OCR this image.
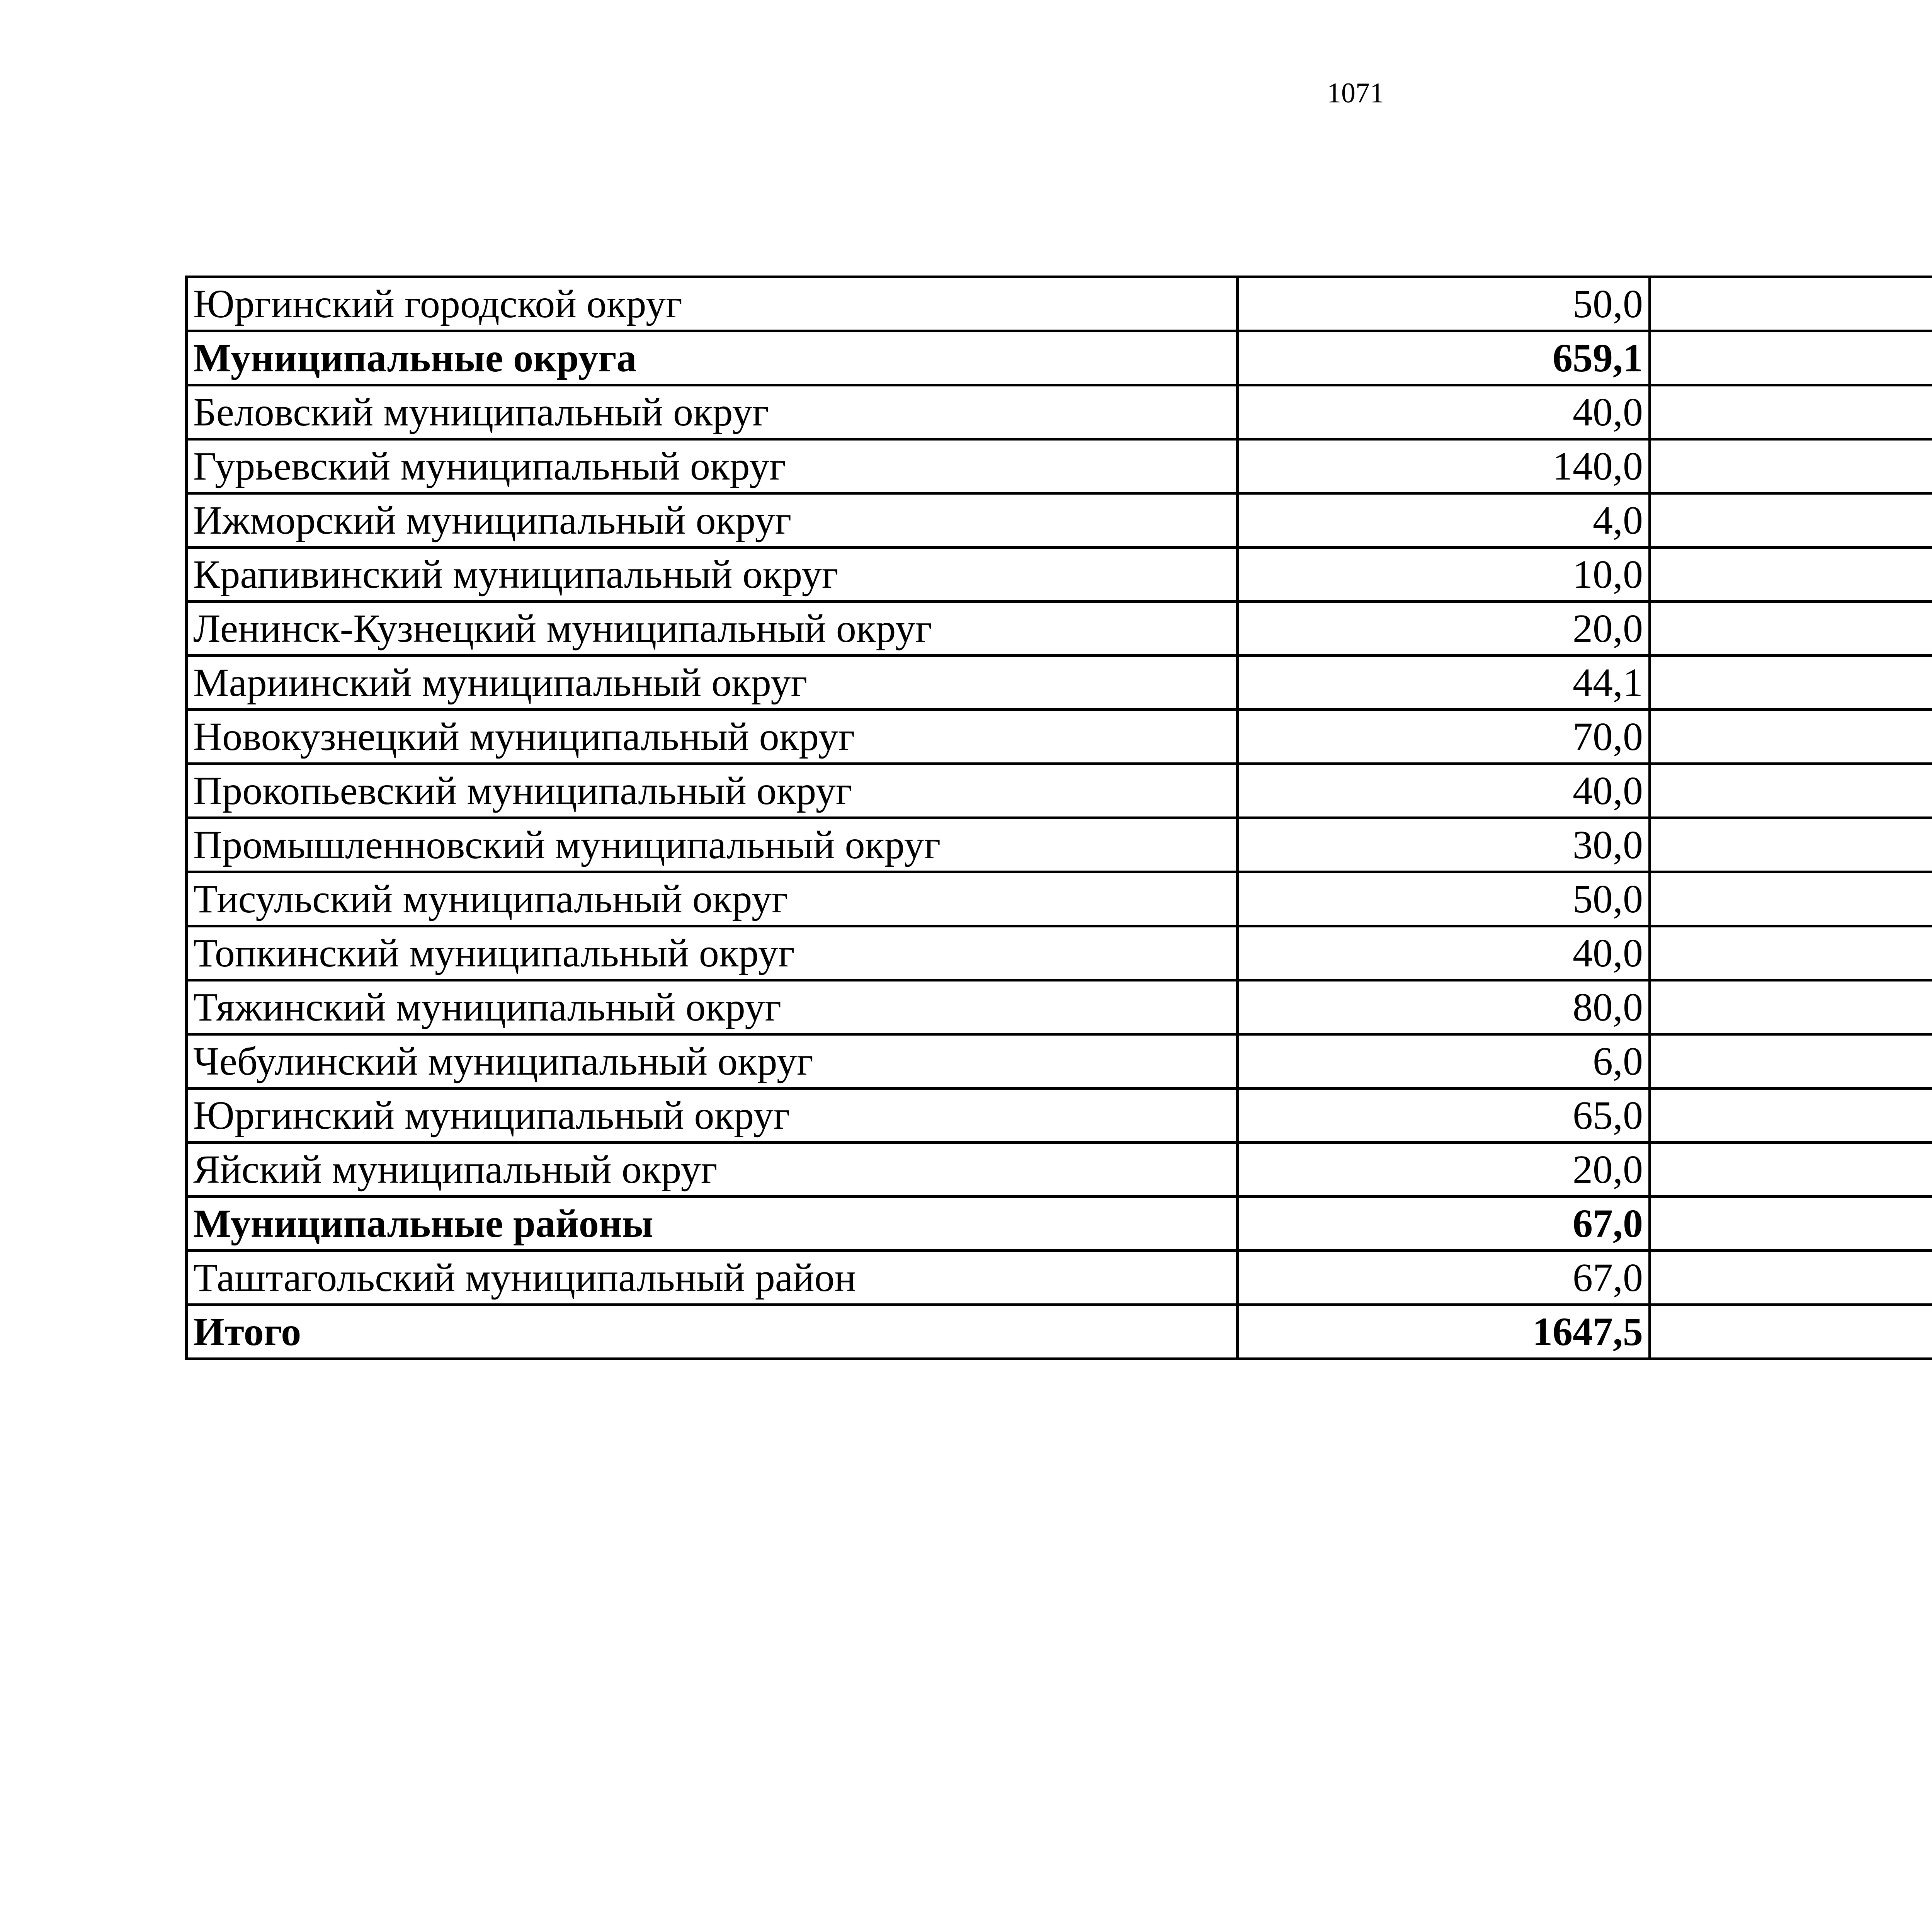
1071
Юргинский городской округ	50,0		
Муниципальные округа	659,1		
Беловский муниципальный округ	40,0		
Гурьевский муниципальный округ	140,0		
Ижморский муниципальный округ	4,0		
Крапивинский муниципальный округ	10,0		
Ленинск-Кузнецкий муниципальный округ	20,0		
Мариинский муниципальный округ	44,1		
Новокузнецкий муниципальный округ	70,0		
Прокопьевский муниципальный округ	40,0		
Промышленновский муниципальный округ	30,0		
Тисульский муниципальный округ	50,0		
Топкинский муниципальный округ	40,0		
Тяжинский муниципальный округ	80,0		
Чебулинский муниципальный округ	6,0		
Юргинский муниципальный округ	65,0		
Яйский муниципальный округ	20,0		
Муниципальные районы	67,0		
Таштагольский муниципальный район	67,0		
Итого	1647,5		
